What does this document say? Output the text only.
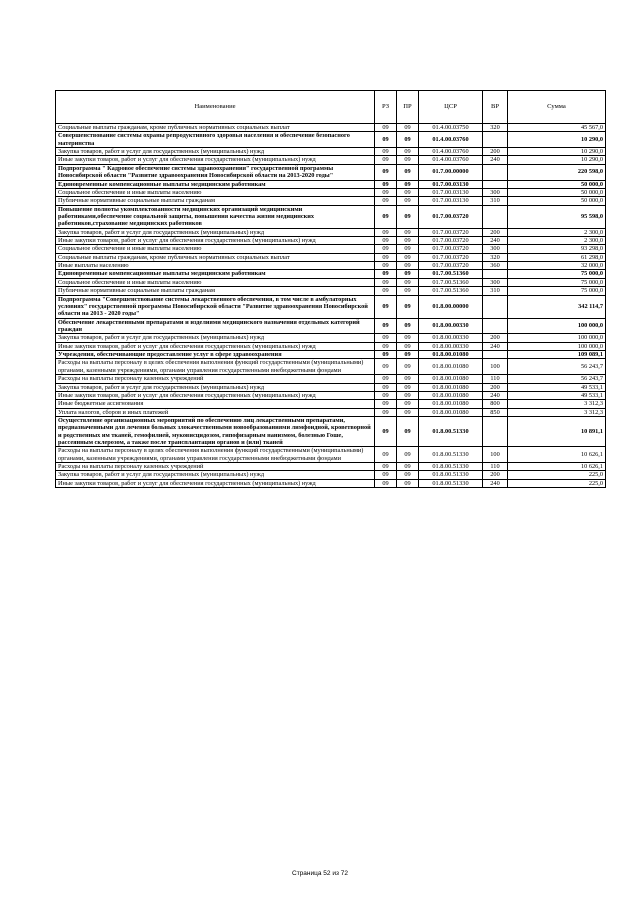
Наименование	РЗ	ПР	ЦСР	ВР	Сумма
Социальные выплаты гражданам, кроме публичных нормативных социальных выплат	09	09	01.4.00.03750	320	45 567,0
Совершенствование системы охраны репродуктивного здоровья населения и обеспечение безопасного материнства	09	09	01.4.00.03760		10 290,0
Закупка товаров, работ и услуг для государственных (муниципальных) нужд	09	09	01.4.00.03760	200	10 290,0
Иные закупки товаров, работ и услуг для обеспечения государственных (муниципальных) нужд	09	09	01.4.00.03760	240	10 290,0
Подпрограмма " Кадровое обеспечение системы здравоохранения" государственной программы Новосибирской области "Развитие здравоохранения Новосибирской области на 2013-2020 годы"	09	09	01.7.00.00000		220 598,0
Единовременные компенсационные выплаты медицинским работникам	09	09	01.7.00.03130		50 000,0
Социальное обеспечение и иные выплаты населению	09	09	01.7.00.03130	300	50 000,0
Публичные нормативные социальные выплаты гражданам	09	09	01.7.00.03130	310	50 000,0
Повышение полноты укомплектованности медицинских организаций медицинскими работниками,обеспечение социальной защиты, повышения качества жизни медицинских работников,страхование медицинских работников	09	09	01.7.00.03720		95 598,0
Закупка товаров, работ и услуг для государственных (муниципальных) нужд	09	09	01.7.00.03720	200	2 300,0
Иные закупки товаров, работ и услуг для обеспечения государственных (муниципальных) нужд	09	09	01.7.00.03720	240	2 300,0
Социальное обеспечение и иные выплаты населению	09	09	01.7.00.03720	300	93 298,0
Социальные выплаты гражданам, кроме публичных нормативных социальных выплат	09	09	01.7.00.03720	320	61 298,0
Иные выплаты населению	09	09	01.7.00.03720	360	32 000,0
Единовременные компенсационные выплаты медицинским работникам	09	09	01.7.00.51360		75 000,0
Социальное обеспечение и иные выплаты населению	09	09	01.7.00.51360	300	75 000,0
Публичные нормативные социальные выплаты гражданам	09	09	01.7.00.51360	310	75 000,0
Подпрограмма "Совершенствование системы лекарственного обеспечения, в том числе в амбулаторных условиях" государственной программы Новосибирской области "Развитие здравоохранения Новосибирской области на 2013 - 2020 годы"	09	09	01.8.00.00000		342 114,7
Обеспечение лекарственными препаратами и изделиями медицинского назначения отдельных категорий граждан	09	09	01.8.00.00330		100 000,0
Закупка товаров, работ и услуг для государственных (муниципальных) нужд	09	09	01.8.00.00330	200	100 000,0
Иные закупки товаров, работ и услуг для обеспечения государственных (муниципальных) нужд	09	09	01.8.00.00330	240	100 000,0
Учреждения, обеспечивающие предоставление услуг в сфере здравоохранения	09	09	01.8.00.01080		109 089,1
Расходы на выплаты персоналу в целях обеспечения выполнения функций государственными (муниципальными) органами, казенными учреждениями, органами управления государственными внебюджетными фондами	09	09	01.8.00.01080	100	56 243,7
Расходы на выплаты персоналу казенных учреждений	09	09	01.8.00.01080	110	56 243,7
Закупка товаров, работ и услуг для государственных (муниципальных) нужд	09	09	01.8.00.01080	200	49 533,1
Иные закупки товаров, работ и услуг для обеспечения государственных (муниципальных) нужд	09	09	01.8.00.01080	240	49 533,1
Иные бюджетные ассигнования	09	09	01.8.00.01080	800	3 312,3
Уплата налогов, сборов и иных платежей	09	09	01.8.00.01080	850	3 312,3
Осуществление организационных мероприятий по обеспечению лиц лекарственными препаратами, предназначенными для лечения больных злокачественными новообразованиями лимфоидной, кроветворной и родственных им тканей, гемофилией, муковисцидозом, гипофизарным нанизмом, болезнью Гоше, рассеянным склерозом, а также после трансплантации органов и (или) тканей	09	09	01.8.00.51330		10 891,1
Расходы на выплаты персоналу в целях обеспечения выполнения функций государственными (муниципальными) органами, казенными учреждениями, органами управления государственными внебюджетными фондами	09	09	01.8.00.51330	100	10 626,1
Расходы на выплаты персоналу казенных учреждений	09	09	01.8.00.51330	110	10 626,1
Закупка товаров, работ и услуг для государственных (муниципальных) нужд	09	09	01.8.00.51330	200	225,0
Иные закупки товаров, работ и услуг для обеспечения государственных (муниципальных) нужд	09	09	01.8.00.51330	240	225,0
Страница 52 из 72
